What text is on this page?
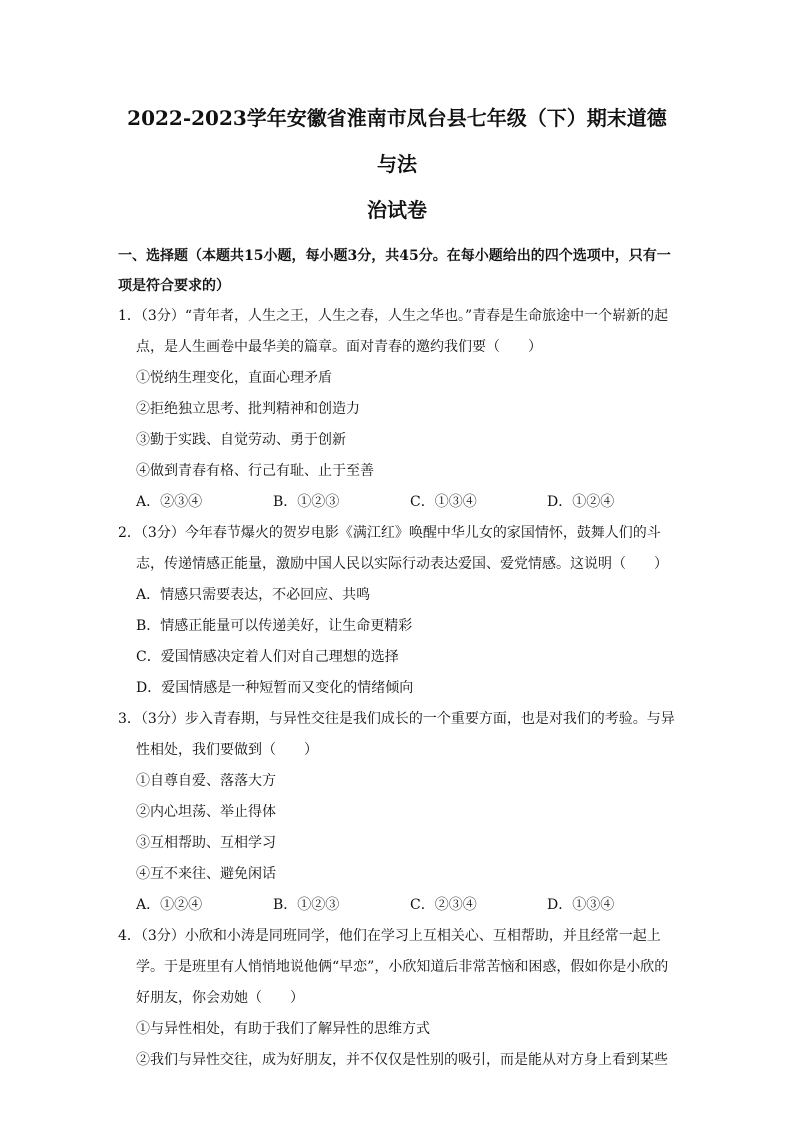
2022-2023学年安徽省淮南市凤台县七年级（下）期末道德与法
治试卷
一、选择题（本题共15小题，每小题3分，共45分。在每小题给出的四个选项中，只有一项是符合要求的）
1．（3分）“青年者，人生之王，人生之春，人生之华也。”青春是生命旅途中一个崭新的起点，是人生画卷中最华美的篇章。面对青春的邀约我们要（　　）
①悦纳生理变化，直面心理矛盾
②拒绝独立思考、批判精神和创造力
③勤于实践、自觉劳动、勇于创新
④做到青春有格、行己有耻、止于至善
A．②③④	B．①②③	C．①③④	D．①②④
2．（3分）今年春节爆火的贺岁电影《满江红》唤醒中华儿女的家国情怀，鼓舞人们的斗志，传递情感正能量，激励中国人民以实际行动表达爱国、爱党情感。这说明（　　）
A．情感只需要表达，不必回应、共鸣
B．情感正能量可以传递美好，让生命更精彩
C．爱国情感决定着人们对自己理想的选择
D．爱国情感是一种短暂而又变化的情绪倾向
3．（3分）步入青春期，与异性交往是我们成长的一个重要方面，也是对我们的考验。与异性相处，我们要做到（　　）
①自尊自爱、落落大方
②内心坦荡、举止得体
③互相帮助、互相学习
④互不来往、避免闲话
A．①②④	B．①②③	C．②③④	D．①③④
4．（3分）小欣和小涛是同班同学，他们在学习上互相关心、互相帮助，并且经常一起上学。于是班里有人悄悄地说他俩“早恋”，小欣知道后非常苦恼和困惑，假如你是小欣的好朋友，你会劝她（　　）
①与异性相处，有助于我们了解异性的思维方式
②我们与异性交往，成为好朋友，并不仅仅是性别的吸引，而是能从对方身上看到某些
